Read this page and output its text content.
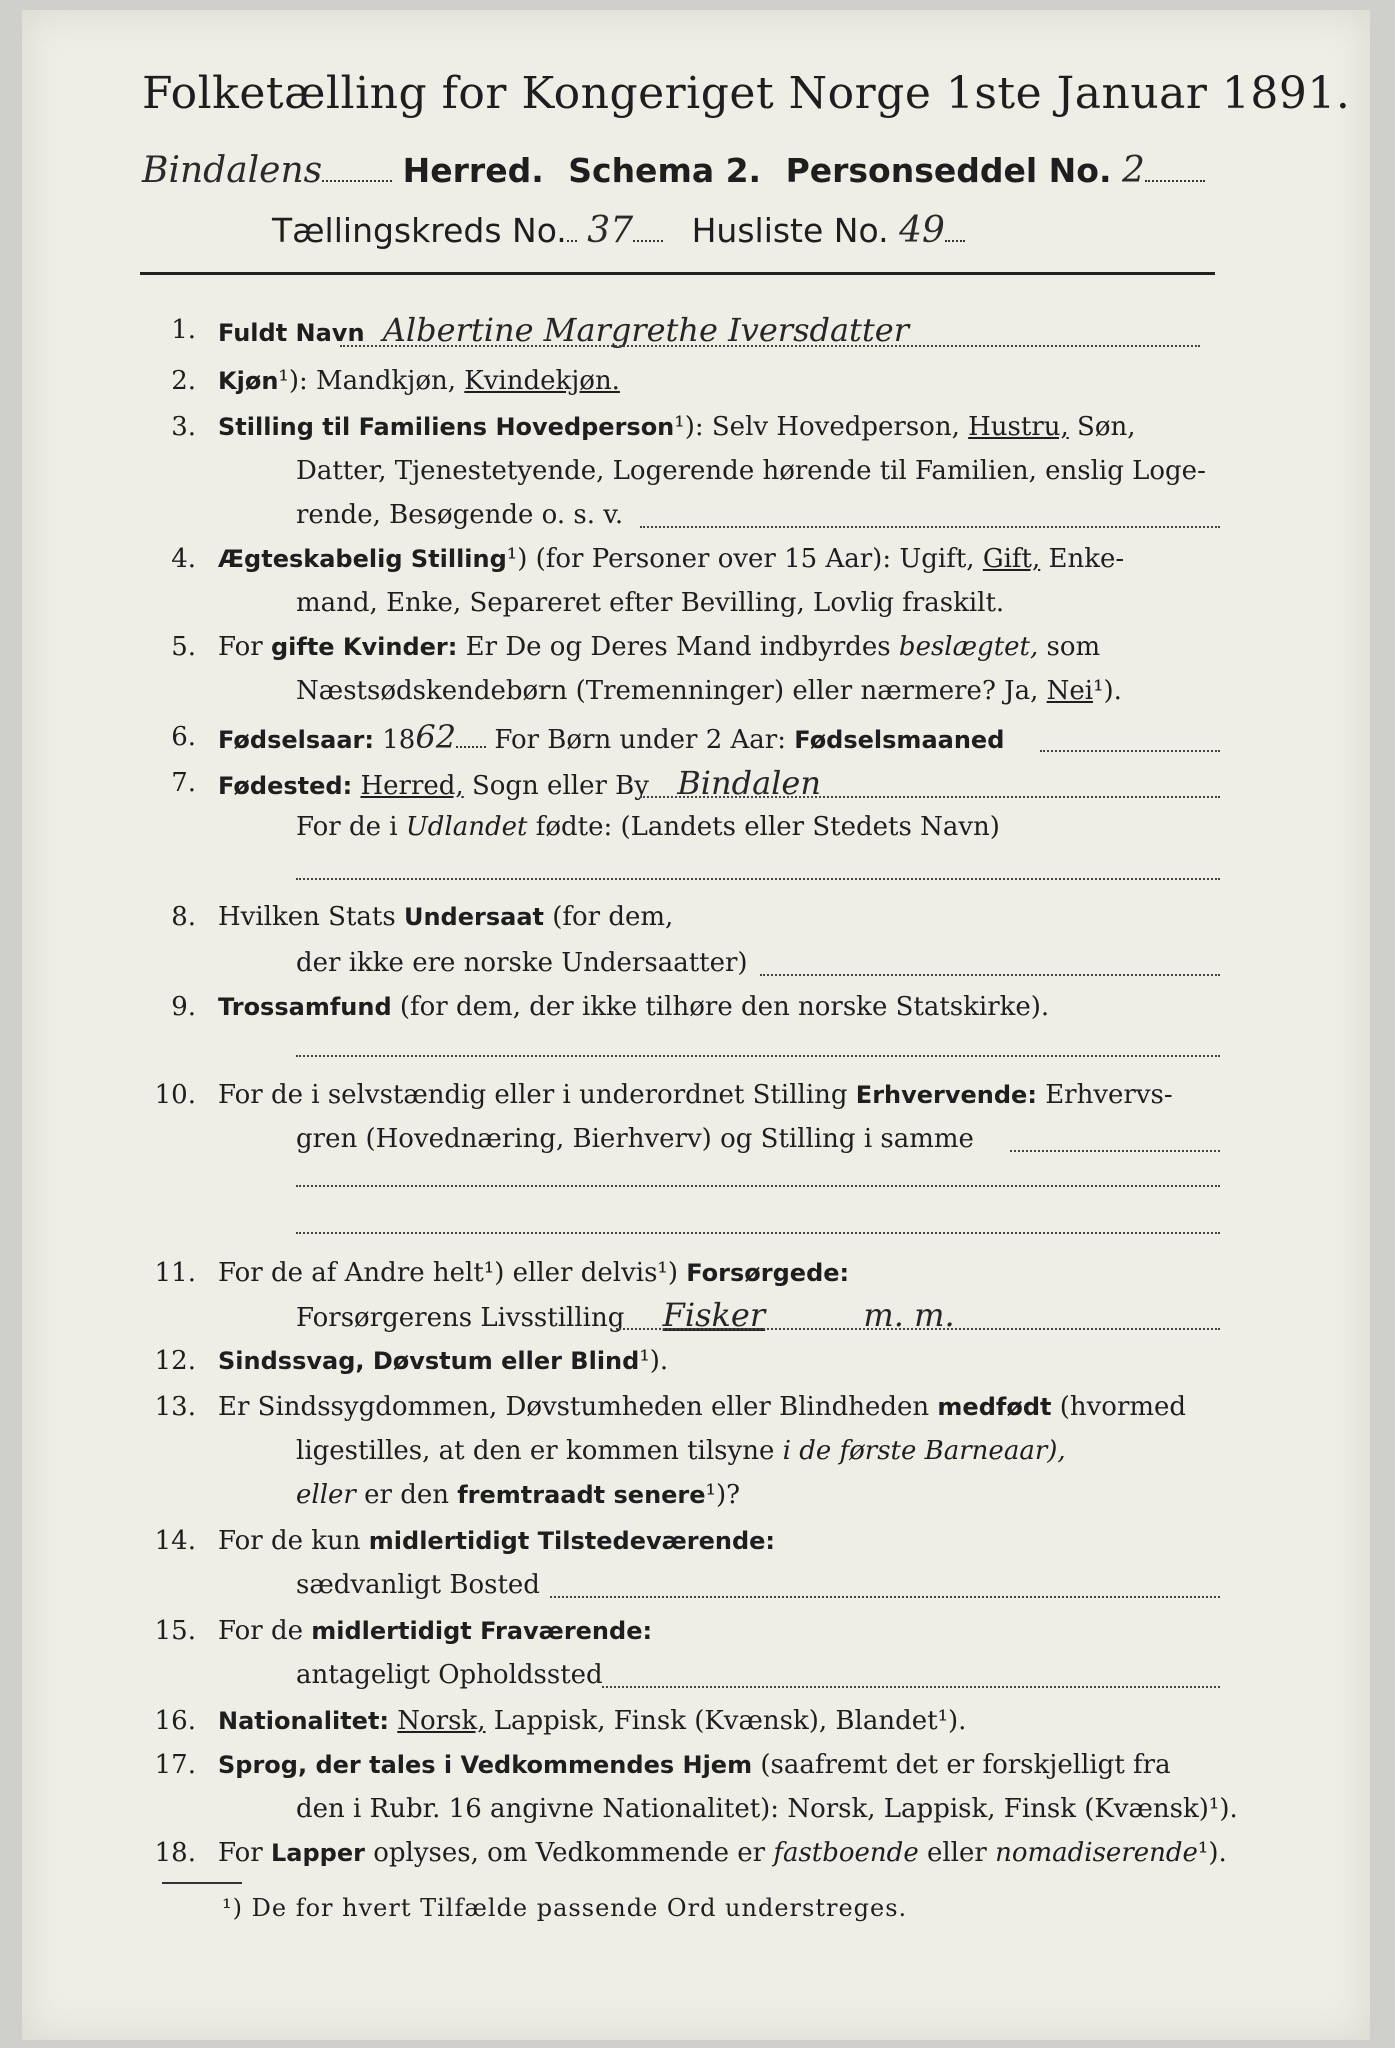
Folketælling for Kongeriget Norge 1ste Januar 1891.
Bindalens Herred. Schema 2. Personseddel No. 2
Tællingskreds No. 37 Husliste No. 49
1. Fuldt Navn Albertine Margrethe Iversdatter
2. Kjøn¹): Mandkjøn, Kvindekjøn.
3. Stilling til Familiens Hovedperson¹): Selv Hovedperson, Hustru, Søn,
Datter, Tjenestetyende, Logerende hørende til Familien, enslig Loge-
rende, Besøgende o. s. v.
4. Ægteskabelig Stilling¹) (for Personer over 15 Aar): Ugift, Gift, Enke-
mand, Enke, Separeret efter Bevilling, Lovlig fraskilt.
5. For gifte Kvinder: Er De og Deres Mand indbyrdes beslægtet, som
Næstsødskendebørn (Tremenninger) eller nærmere? Ja, Nei¹).
6. Fødselsaar: 1862 For Børn under 2 Aar: Fødselsmaaned
7. Fødested: Herred, Sogn eller By Bindalen
For de i Udlandet fødte: (Landets eller Stedets Navn)
8. Hvilken Stats Undersaat (for dem,
der ikke ere norske Undersaatter)
9. Trossamfund (for dem, der ikke tilhøre den norske Statskirke).
10. For de i selvstændig eller i underordnet Stilling Erhvervende: Erhvervs-
gren (Hovednæring, Bierhverv) og Stilling i samme
11. For de af Andre helt¹) eller delvis¹) Forsørgede:
Forsørgerens Livsstilling Fisker	m. m.
12. Sindssvag, Døvstum eller Blind¹).
13. Er Sindssygdommen, Døvstumheden eller Blindheden medfødt (hvormed
ligestilles, at den er kommen tilsyne i de første Barneaar),
eller er den fremtraadt senere¹)?
14. For de kun midlertidigt Tilstedeværende:
sædvanligt Bosted
15. For de midlertidigt Fraværende:
antageligt Opholdssted
16. Nationalitet: Norsk, Lappisk, Finsk (Kvænsk), Blandet¹).
17. Sprog, der tales i Vedkommendes Hjem (saafremt det er forskjelligt fra
den i Rubr. 16 angivne Nationalitet): Norsk, Lappisk, Finsk (Kvænsk)¹).
18. For Lapper oplyses, om Vedkommende er fastboende eller nomadiserende¹).
¹) De for hvert Tilfælde passende Ord understreges.
